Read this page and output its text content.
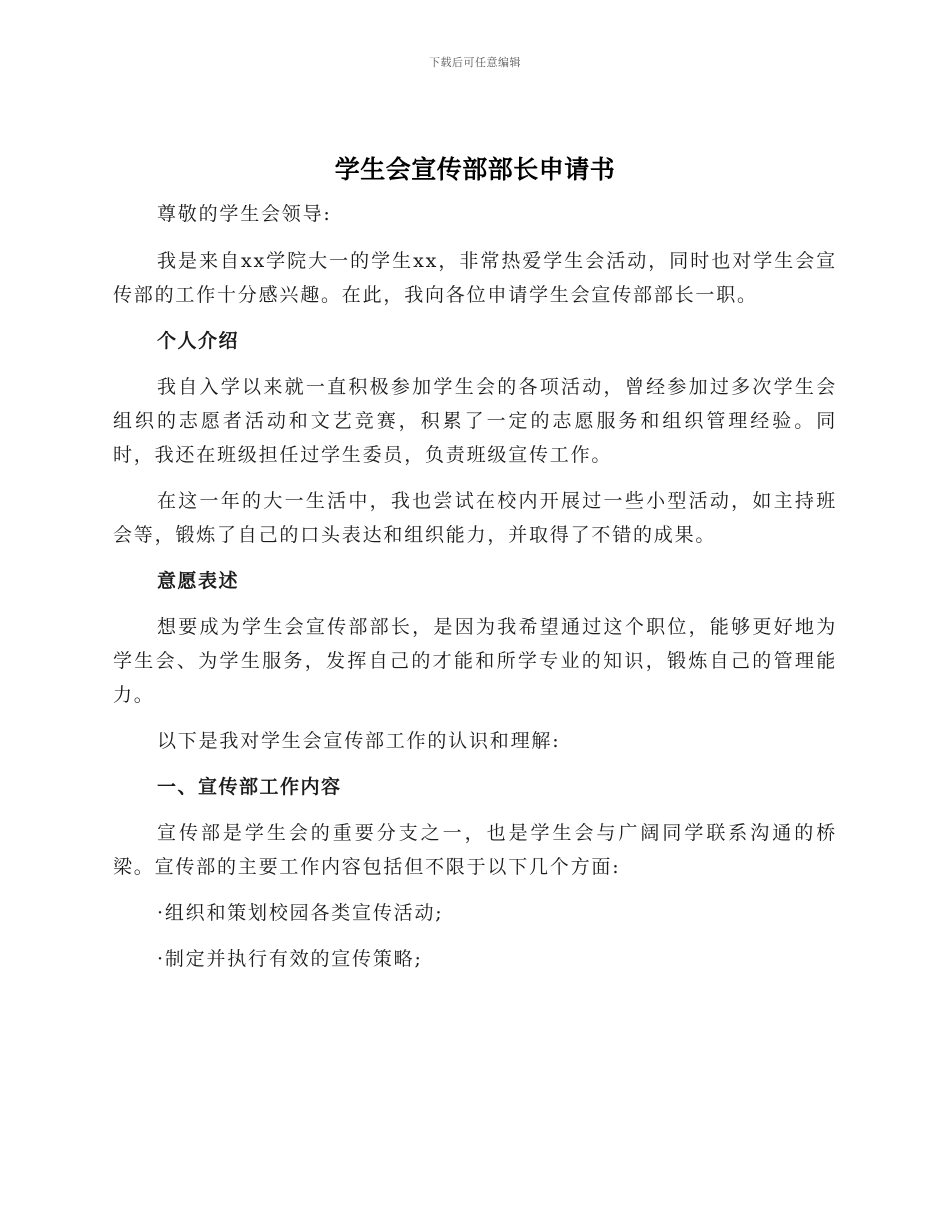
下载后可任意编辑
学生会宣传部部长申请书

尊敬的学生会领导:

我是来自xx学院大一的学生xx，非常热爱学生会活动，同时也对学生会宣传部的工作十分感兴趣。在此，我向各位申请学生会宣传部部长一职。

个人介绍

我自入学以来就一直积极参加学生会的各项活动，曾经参加过多次学生会组织的志愿者活动和文艺竞赛，积累了一定的志愿服务和组织管理经验。同时，我还在班级担任过学生委员，负责班级宣传工作。

在这一年的大一生活中，我也尝试在校内开展过一些小型活动，如主持班会等，锻炼了自己的口头表达和组织能力，并取得了不错的成果。

意愿表述

想要成为学生会宣传部部长，是因为我希望通过这个职位，能够更好地为学生会、为学生服务，发挥自己的才能和所学专业的知识，锻炼自己的管理能力。

以下是我对学生会宣传部工作的认识和理解:

一、宣传部工作内容

宣传部是学生会的重要分支之一，也是学生会与广阔同学联系沟通的桥梁。宣传部的主要工作内容包括但不限于以下几个方面:

·组织和策划校园各类宣传活动;

·制定并执行有效的宣传策略;
